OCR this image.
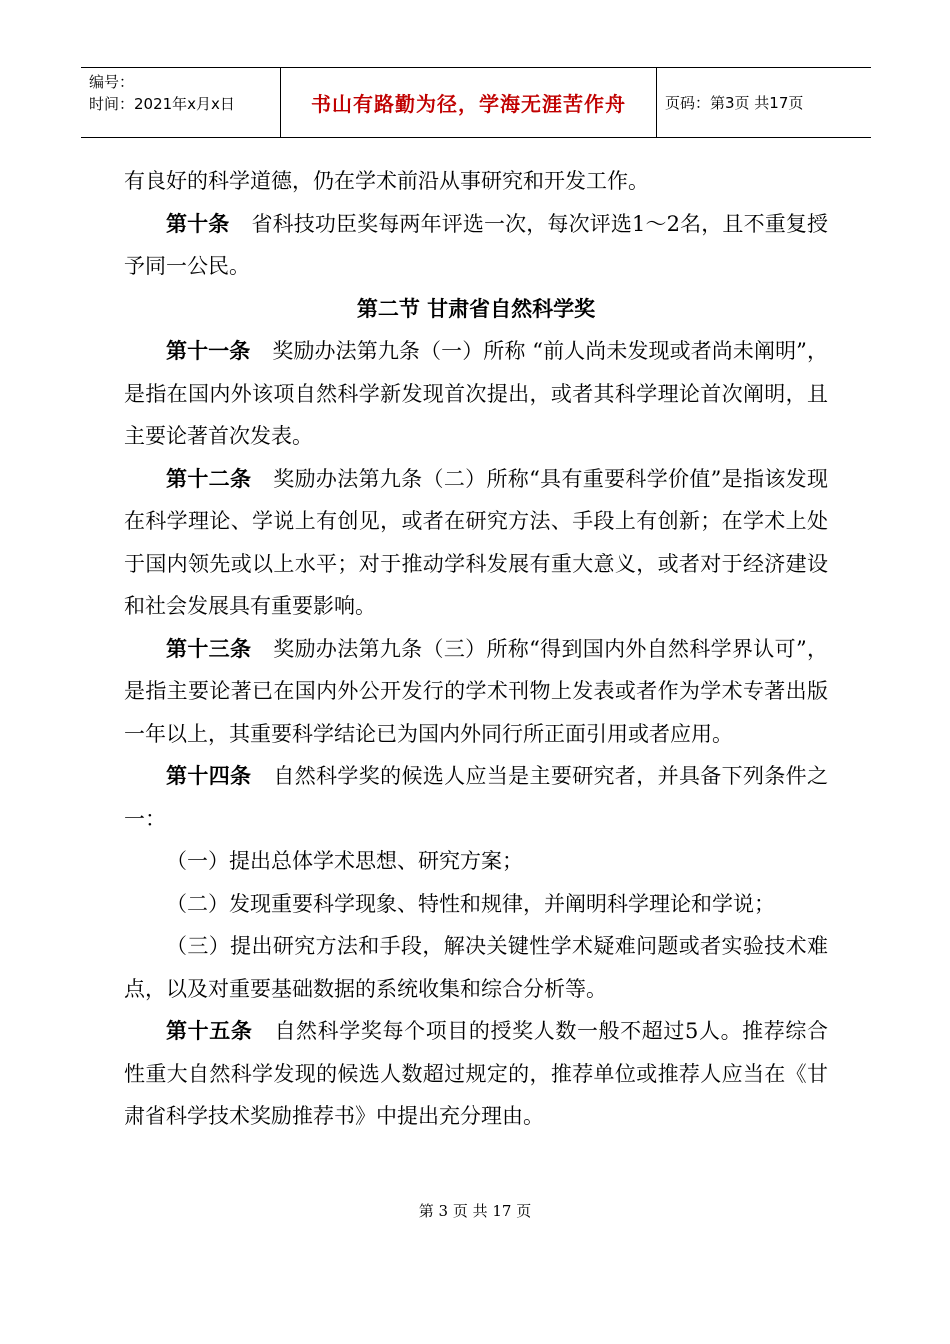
编号：
时间：2021年x月x日	书山有路勤为径，学海无涯苦作舟	页码：第3页 共17页

有良好的科学道德，仍在学术前沿从事研究和开发工作。

第十条 省科技功臣奖每两年评选一次，每次评选1～2名，且不重复授予同一公民。

第二节 甘肃省自然科学奖

第十一条 奖励办法第九条（一）所称 “前人尚未发现或者尚未阐明”，是指在国内外该项自然科学新发现首次提出，或者其科学理论首次阐明，且主要论著首次发表。

第十二条 奖励办法第九条（二）所称“具有重要科学价值”是指该发现在科学理论、学说上有创见，或者在研究方法、手段上有创新；在学术上处于国内领先或以上水平；对于推动学科发展有重大意义，或者对于经济建设和社会发展具有重要影响。

第十三条 奖励办法第九条（三）所称“得到国内外自然科学界认可”，是指主要论著已在国内外公开发行的学术刊物上发表或者作为学术专著出版一年以上，其重要科学结论已为国内外同行所正面引用或者应用。

第十四条 自然科学奖的候选人应当是主要研究者，并具备下列条件之一：

（一）提出总体学术思想、研究方案；

（二）发现重要科学现象、特性和规律，并阐明科学理论和学说；

（三）提出研究方法和手段，解决关键性学术疑难问题或者实验技术难点，以及对重要基础数据的系统收集和综合分析等。

第十五条 自然科学奖每个项目的授奖人数一般不超过5人。推荐综合性重大自然科学发现的候选人数超过规定的，推荐单位或推荐人应当在《甘肃省科学技术奖励推荐书》中提出充分理由。

第 3 页 共 17 页
